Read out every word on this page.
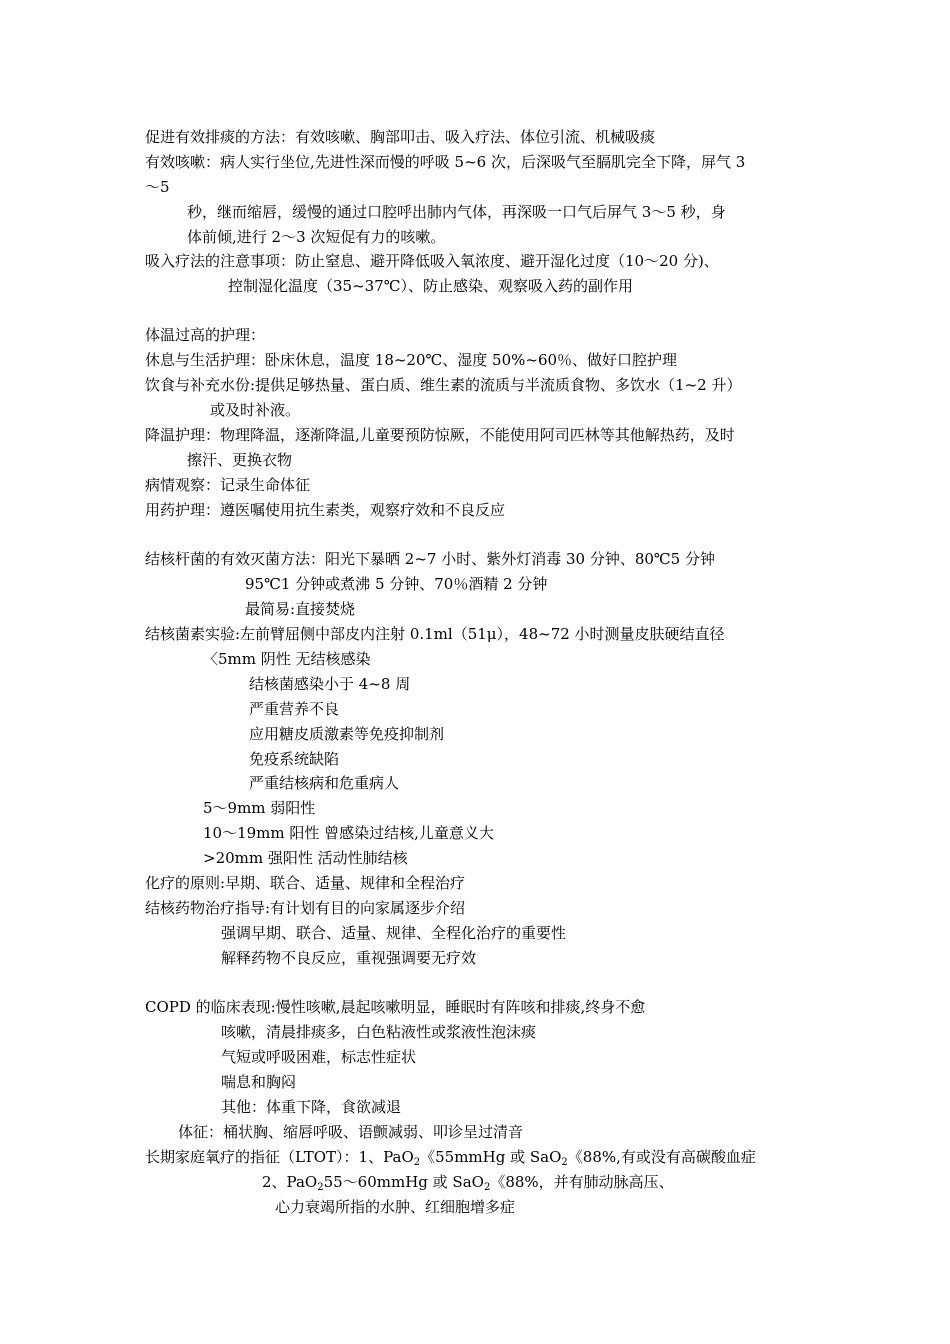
促进有效排痰的方法：有效咳嗽、胸部叩击、吸入疗法、体位引流、机械吸痰
有效咳嗽：病人实行坐位,先进性深而慢的呼吸 5~6 次，后深吸气至膈肌完全下降，屏气 3
～5
秒，继而缩唇，缓慢的通过口腔呼出肺内气体，再深吸一口气后屏气 3～5 秒，身
体前倾,进行 2～3 次短促有力的咳嗽。
吸入疗法的注意事项：防止窒息、避开降低吸入氧浓度、避开湿化过度（10～20 分)、
控制湿化温度（35~37℃）、防止感染、观察吸入药的副作用
体温过高的护理：
休息与生活护理：卧床休息，温度 18~20℃、湿度 50%~60％、做好口腔护理
饮食与补充水份:提供足够热量、蛋白质、维生素的流质与半流质食物、多饮水（1~2 升）
或及时补液。
降温护理：物理降温，逐渐降温,儿童要预防惊厥，不能使用阿司匹林等其他解热药，及时
擦汗、更换衣物
病情观察：记录生命体征
用药护理：遵医嘱使用抗生素类，观察疗效和不良反应
结核杆菌的有效灭菌方法：阳光下暴晒 2~7 小时、紫外灯消毒 30 分钟、80℃5 分钟
95℃1 分钟或煮沸 5 分钟、70％酒精 2 分钟
最简易:直接焚烧
结核菌素实验:左前臂屈侧中部皮内注射 0.1ml（51μ），48~72 小时测量皮肤硬结直径
〈5mm 阴性 无结核感染
结核菌感染小于 4~8 周
严重营养不良
应用糖皮质激素等免疫抑制剂
免疫系统缺陷
严重结核病和危重病人
5～9mm 弱阳性
10～19mm 阳性 曾感染过结核,儿童意义大
>20mm 强阳性 活动性肺结核
化疗的原则:早期、联合、适量、规律和全程治疗
结核药物治疗指导:有计划有目的向家属逐步介绍
强调早期、联合、适量、规律、全程化治疗的重要性
解释药物不良反应，重视强调要无疗效
COPD 的临床表现:慢性咳嗽,晨起咳嗽明显，睡眠时有阵咳和排痰,终身不愈
咳嗽，清晨排痰多，白色粘液性或浆液性泡沫痰
气短或呼吸困难，标志性症状
喘息和胸闷
其他：体重下降，食欲减退
体征：桶状胸、缩唇呼吸、语颤减弱、叩诊呈过清音
长期家庭氧疗的指征（LTOT）：1、PaO$_2$《55mmHg 或 SaO$_2$《88%,有或没有高碳酸血症
2、PaO$_2$55～60mmHg 或 SaO$_2$《88%，并有肺动脉高压、
心力衰竭所指的水肿、红细胞增多症
